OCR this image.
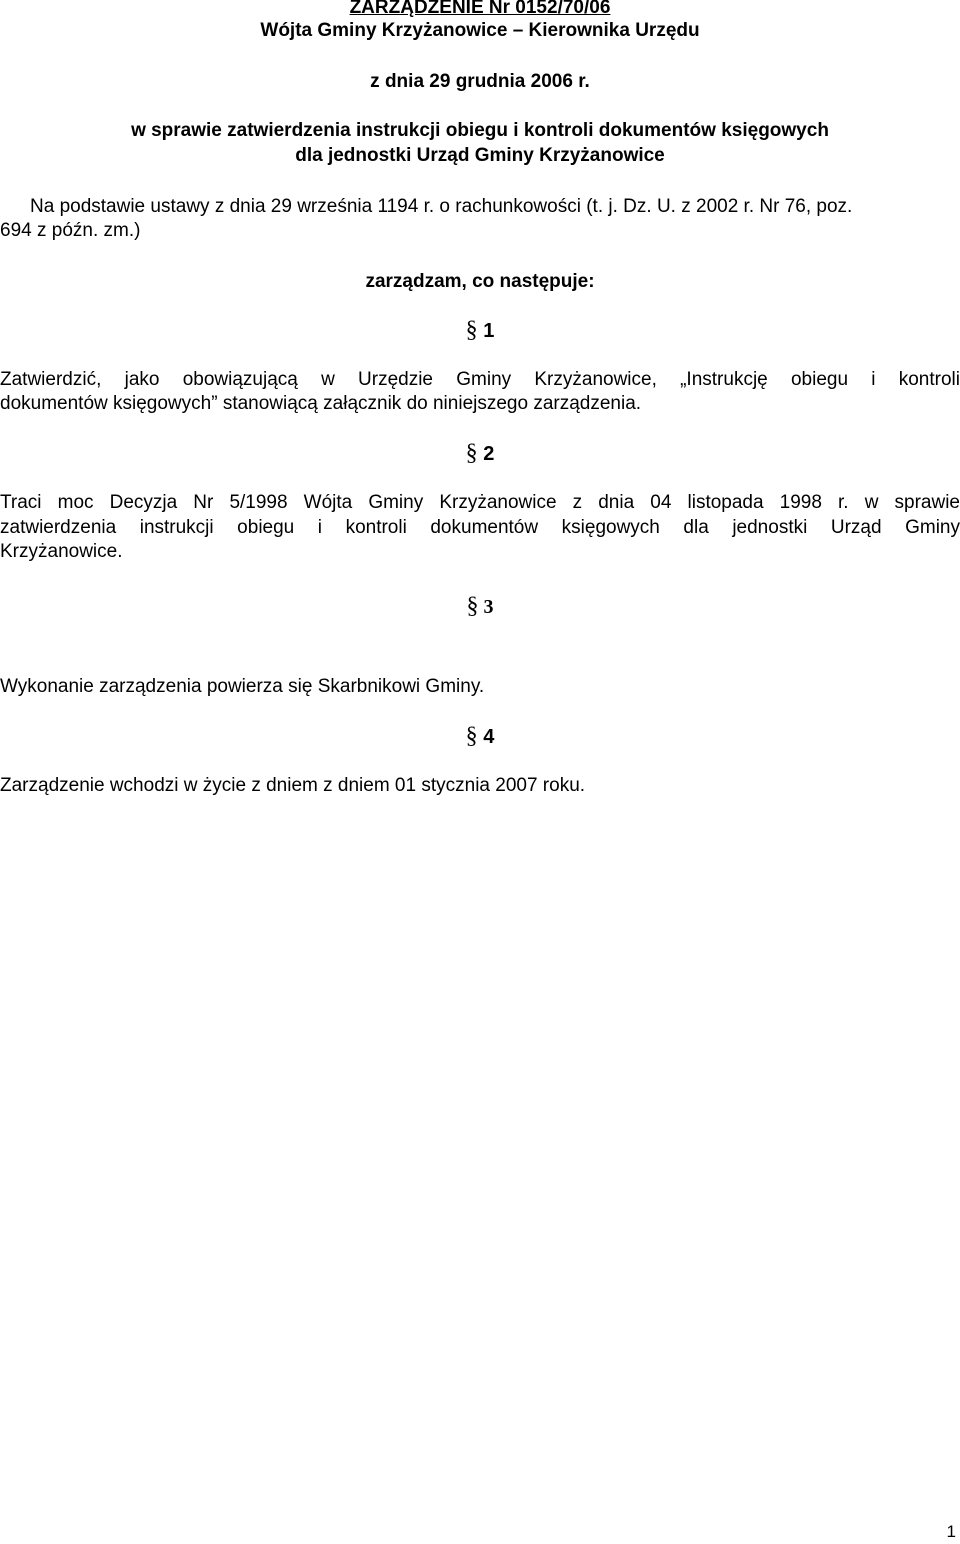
ZARZĄDZENIE Nr 0152/70/06
Wójta Gminy Krzyżanowice – Kierownika Urzędu
z dnia 29 grudnia 2006 r.
w sprawie zatwierdzenia instrukcji obiegu i kontroli dokumentów księgowych
dla jednostki Urząd Gminy Krzyżanowice
Na podstawie ustawy z dnia 29 września 1194 r. o rachunkowości (t. j. Dz. U. z 2002 r. Nr 76, poz.
694 z późn. zm.)
zarządzam, co następuje:
§ 1
Zatwierdzić, jako obowiązującą w Urzędzie Gminy Krzyżanowice, „Instrukcję obiegu i kontroli
dokumentów księgowych” stanowiącą załącznik do niniejszego zarządzenia.
§ 2
Traci moc Decyzja Nr 5/1998 Wójta Gminy Krzyżanowice z dnia 04 listopada 1998 r. w sprawie
zatwierdzenia instrukcji obiegu i kontroli dokumentów księgowych dla jednostki Urząd Gminy
Krzyżanowice.
§ 3
Wykonanie zarządzenia powierza się Skarbnikowi Gminy.
§ 4
Zarządzenie wchodzi w życie z dniem z dniem 01 stycznia 2007 roku.
1
